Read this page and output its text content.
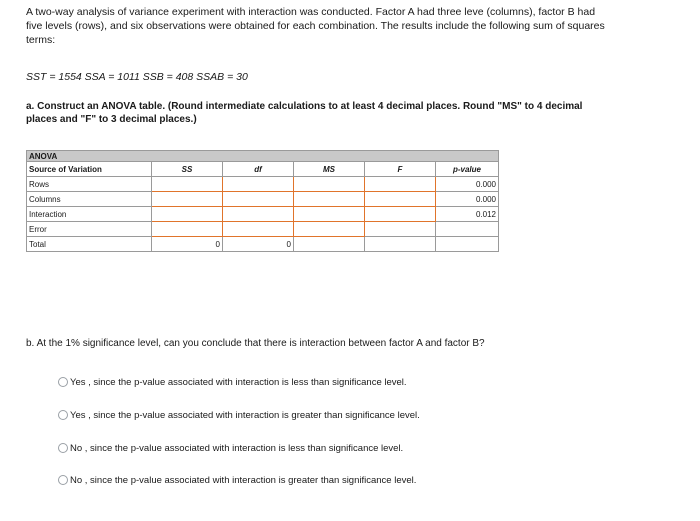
A two-way analysis of variance experiment with interaction was conducted. Factor A had three leve (columns), factor B had
five levels (rows), and six observations were obtained for each combination. The results include the following sum of squares
terms:
SST = 1554 SSA = 1011 SSB = 408 SSAB = 30
a. Construct an ANOVA table. (Round intermediate calculations to at least 4 decimal places. Round "MS" to 4 decimal
places and "F" to 3 decimal places.)
ANOVA					
Source of Variation	SS	df	MS	F	p-value
Rows					0.000
Columns					0.000
Interaction					0.012
Error					
Total	0	0			
b. At the 1% significance level, can you conclude that there is interaction between factor A and factor B?
Yes , since the p-value associated with interaction is less than significance level.
Yes , since the p-value associated with interaction is greater than significance level.
No , since the p-value associated with interaction is less than significance level.
No , since the p-value associated with interaction is greater than significance level.
